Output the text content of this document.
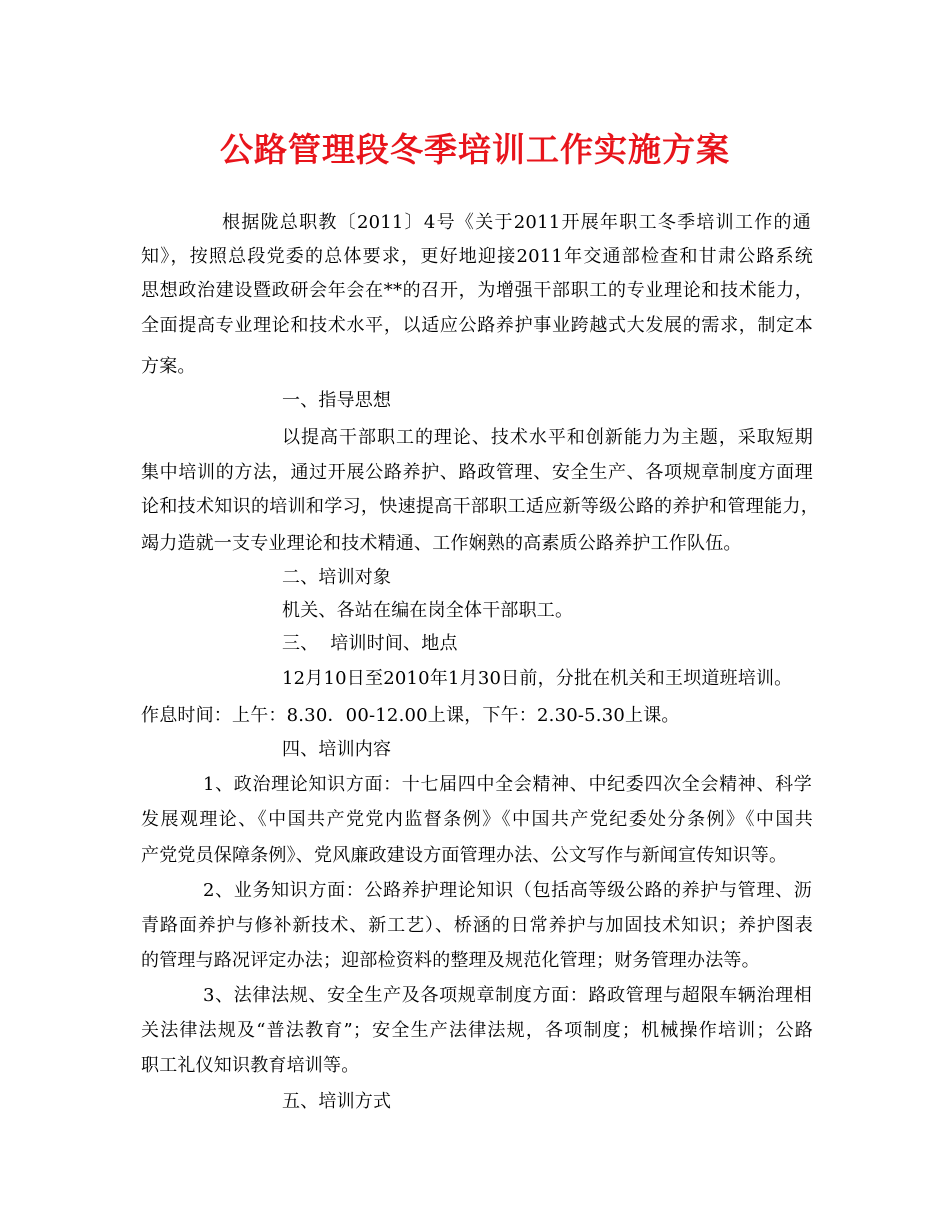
公路管理段冬季培训工作实施方案
根据陇总职教〔2011〕4号《关于2011开展年职工冬季培训工作的通
知》，按照总段党委的总体要求，更好地迎接2011年交通部检查和甘肃公路系统
思想政治建设暨政研会年会在**的召开，为增强干部职工的专业理论和技术能力，
全面提高专业理论和技术水平，以适应公路养护事业跨越式大发展的需求，制定本
方案。
一、指导思想
以提高干部职工的理论、技术水平和创新能力为主题，采取短期
集中培训的方法，通过开展公路养护、路政管理、安全生产、各项规章制度方面理
论和技术知识的培训和学习，快速提高干部职工适应新等级公路的养护和管理能力，
竭力造就一支专业理论和技术精通、工作娴熟的高素质公路养护工作队伍。
二、培训对象
机关、各站在编在岗全体干部职工。
三、  培训时间、地点
12月10日至2010年1月30日前，分批在机关和王坝道班培训。
作息时间：上午：8.30．00-12.00上课，下午：2.30-5.30上课。
四、培训内容
1、政治理论知识方面：十七届四中全会精神、中纪委四次全会精神、科学
发展观理论、《中国共产党党内监督条例》《中国共产党纪委处分条例》《中国共
产党党员保障条例》、党风廉政建设方面管理办法、公文写作与新闻宣传知识等。
2、业务知识方面：公路养护理论知识（包括高等级公路的养护与管理、沥
青路面养护与修补新技术、新工艺）、桥涵的日常养护与加固技术知识；养护图表
的管理与路况评定办法；迎部检资料的整理及规范化管理；财务管理办法等。
3、法律法规、安全生产及各项规章制度方面：路政管理与超限车辆治理相
关法律法规及“普法教育”；安全生产法律法规，各项制度；机械操作培训；公路
职工礼仪知识教育培训等。
五、培训方式
